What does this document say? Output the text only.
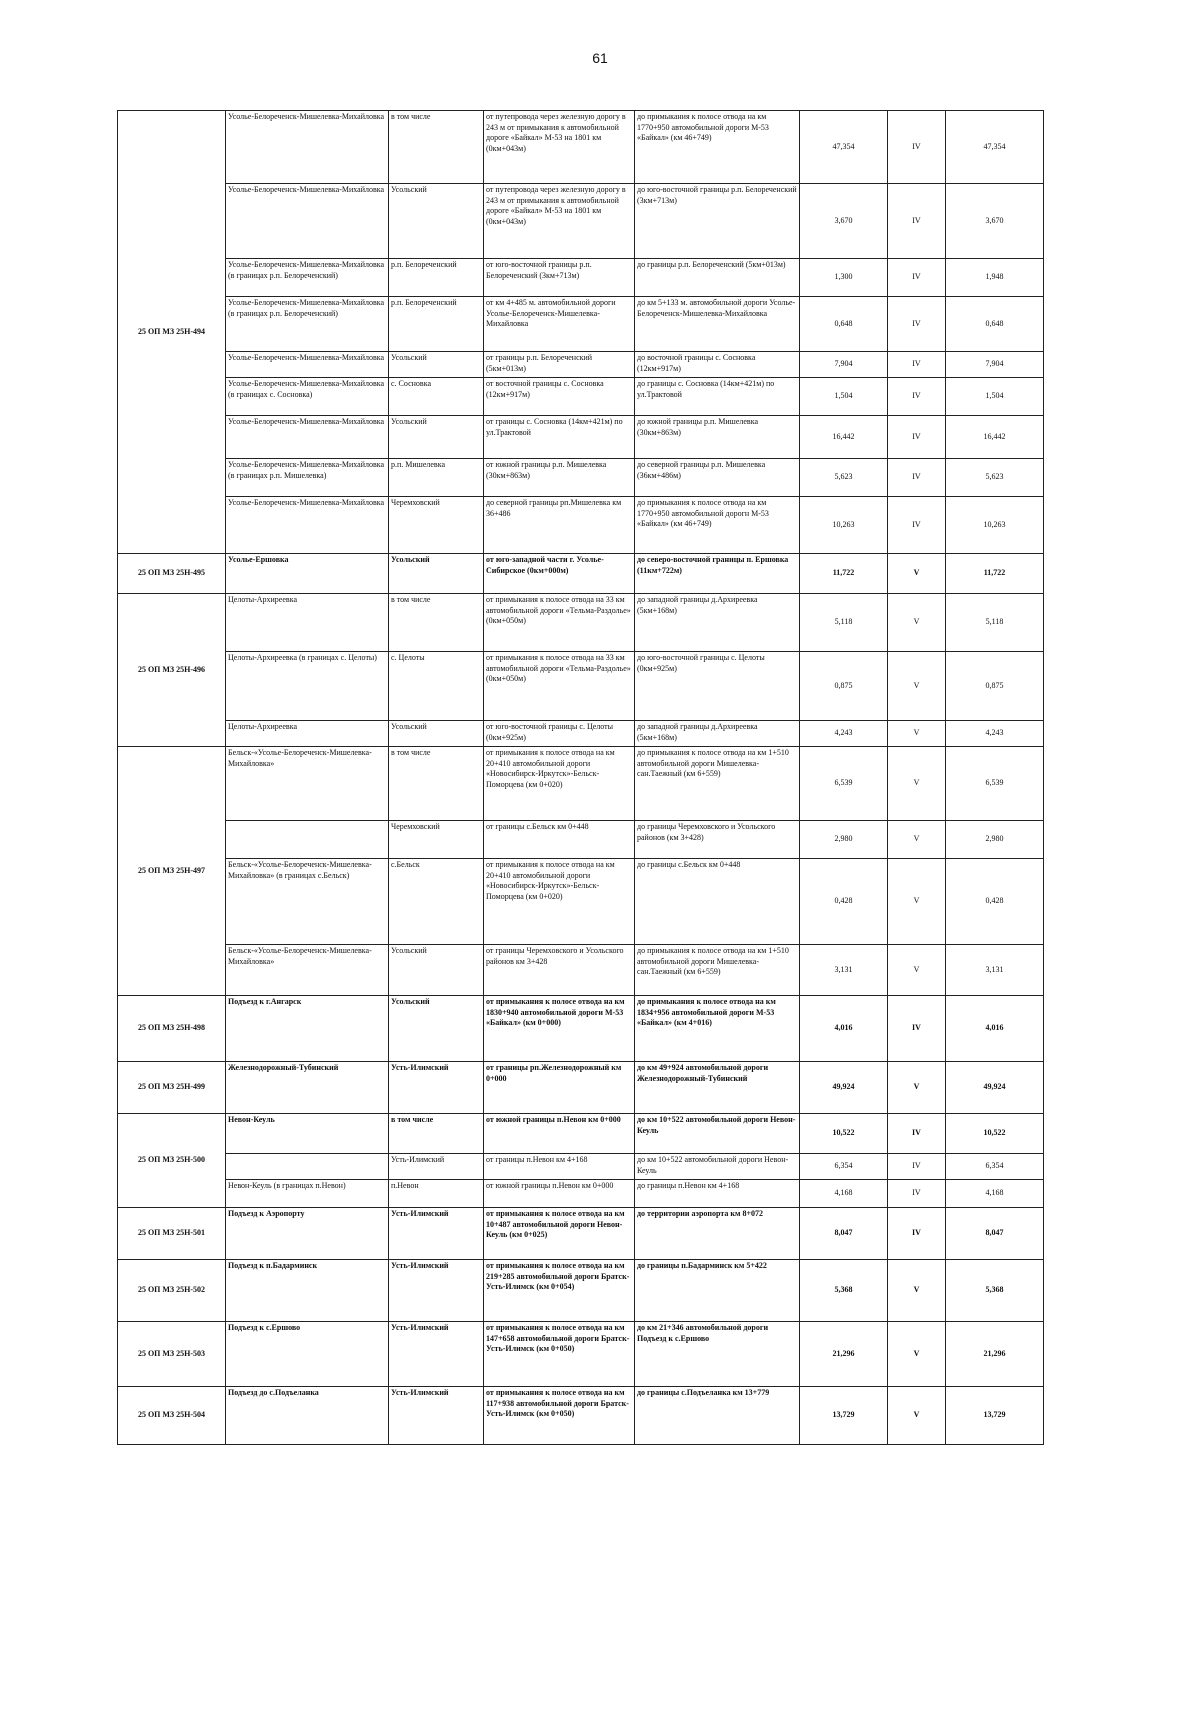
61
25 ОП МЗ 25Н-494	Усолье-Белореченск-Мишелевка-Михайловка	в том числе	от путепровода через железную дорогу в 243 м от примыкания к автомобильной дороге «Байкал» М-53 на 1801 км (0км+043м)	до примыкания к полосе отвода на км 1770+950 автомобильной дороги М-53 «Байкал» (км 46+749)	47,354	IV	47,354
	Усолье-Белореченск-Мишелевка-Михайловка	Усольский	от путепровода через железную дорогу в 243 м от примыкания к автомобильной дороге «Байкал» М-53 на 1801 км (0км+043м)	до юго-восточной границы р.п. Белореченский (3км+713м)	3,670	IV	3,670
	Усолье-Белореченск-Мишелевка-Михайловка (в границах р.п. Белореченский)	р.п. Белореченский	от юго-восточной границы р.п. Белореченский (3км+713м)	до границы р.п. Белореченский (5км+013м)	1,300	IV	1,948
	Усолье-Белореченск-Мишелевка-Михайловка (в границах р.п. Белореченский)	р.п. Белореченский	от км 4+485 м. автомобильной дороги Усолье-Белореченск-Мишелевка-Михайловка	до км 5+133 м. автомобильной дороги Усолье-Белореченск-Мишелевка-Михайловка	0,648	IV	0,648
	Усолье-Белореченск-Мишелевка-Михайловка	Усольский	от границы р.п. Белореченский (5км+013м)	до восточной границы с. Сосновка (12км+917м)	7,904	IV	7,904
	Усолье-Белореченск-Мишелевка-Михайловка (в границах с. Сосновка)	с. Сосновка	от восточной границы с. Сосновка (12км+917м)	до границы с. Сосновка (14км+421м) по ул.Трактовой	1,504	IV	1,504
	Усолье-Белореченск-Мишелевка-Михайловка	Усольский	от границы с. Сосновка (14км+421м) по ул.Трактовой	до южной границы р.п. Мишелевка (30км+863м)	16,442	IV	16,442
	Усолье-Белореченск-Мишелевка-Михайловка (в границах р.п. Мишелевка)	р.п. Мишелевка	от южной границы р.п. Мишелевка (30км+863м)	до северной границы р.п. Мишелевка (36км+486м)	5,623	IV	5,623
	Усолье-Белореченск-Мишелевка-Михайловка	Черемховский	до северной границы рп.Мишелевка км 36+486	до примыкания к полосе отвода на км 1770+950 автомобильной дорогн М-53 «Байкал» (км 46+749)	10,263	IV	10,263
25 ОП МЗ 25Н-495	Усолье-Ершовка	Усольский	от юго-западной части г. Усолье-Сибирское (0км+000м)	до северо-восточной границы п. Ершовка (11км+722м)	11,722	V	11,722
25 ОП МЗ 25Н-496	Целоты-Архиреевка	в том числе	от примыкания к полосе отвода на 33 км автомобильной дороги «Тельма-Раздолье» (0км+050м)	до западной границы д.Архиреевка (5км+168м)	5,118	V	5,118
	Целоты-Архиреевка (в границах с. Целоты)	с. Целоты	от примыкания к полосе отвода на 33 км автомобильной дороги «Тельма-Раздолье» (0км+050м)	до юго-восточной границы с. Целоты (0км+925м)	0,875	V	0,875
	Целоты-Архиреевка	Усольский	от юго-восточной границы с. Целоты (0км+925м)	до западной границы д.Архиреевка (5км+168м)	4,243	V	4,243
25 ОП МЗ 25Н-497	Бельск-«Усолье-Белореченск-Мишелевка-Михайловка»	в том числе	от примыкания к полосе отвода на км 20+410 автомобильной дороги «Новосибирск-Иркутск»-Бельск-Поморцева (км 0+020)	до примыкания к полосе отвода на км 1+510 автомобильной дороги Мишелевка-сан.Таежный (км 6+559)	6,539	V	6,539
		Черемховский	от границы с.Бельск км 0+448	до границы Черемховского и Усольского районов (км 3+428)	2,980	V	2,980
	Бельск-«Усолье-Белореченск-Мишелевка-Михайловка» (в границах с.Бельск)	с.Бельск	от примыкания к полосе отвода на км 20+410 автомобильной дороги «Новосибирск-Иркутск»-Бельск-Поморцева (км 0+020)	до границы с.Бельск км 0+448	0,428	V	0,428
	Бельск-«Усолье-Белореченск-Мишелевка-Михайловка»	Усольский	от границы Черемховского и Усольского районов км 3+428	до примыкания к полосе отвода на км 1+510 автомобильной дороги Мишелевка-сан.Таежный (км 6+559)	3,131	V	3,131
25 ОП МЗ 25Н-498	Подъезд к г.Ангарск	Усольский	от примыкания к полосе отвода на км 1830+940 автомобильной дороги М-53 «Байкал» (км 0+000)	до примыкания к полосе отвода на км 1834+956 автомобильной дороги М-53 «Байкал» (км 4+016)	4,016	IV	4,016
25 ОП МЗ 25Н-499	Железнодорожный-Тубинский	Усть-Илимский	от границы рп.Железнодорожный км 0+000	до км 49+924 автомобильной дороги Железнодорожный-Тубинский	49,924	V	49,924
25 ОП МЗ 25Н-500	Невон-Кеуль	в том числе	от южной границы п.Невон км 0+000	до км 10+522 автомобильной дороги Невон-Кеуль	10,522	IV	10,522
		Усть-Илимский	от границы п.Невон км 4+168	до км 10+522 автомобильной дороги Невон-Кеуль	6,354	IV	6,354
	Невон-Кеуль (в границах п.Невон)	п.Невон	от южной границы п.Невон км 0+000	до границы п.Невон км 4+168	4,168	IV	4,168
25 ОП МЗ 25Н-501	Подъезд к Аэропорту	Усть-Илимский	от примыкания к полосе отвода на км 10+487 автомобильной дороги Невон-Кеуль (км 0+025)	до территории аэропорта км 8+072	8,047	IV	8,047
25 ОП МЗ 25Н-502	Подъезд к п.Бадарминск	Усть-Илимский	от примыкания к полосе отвода на км 219+285 автомобильной дороги Братск-Усть-Илимск (км 0+054)	до границы п.Бадарминск км 5+422	5,368	V	5,368
25 ОП МЗ 25Н-503	Подъезд к с.Ершово	Усть-Илимский	от примыкания к полосе отвода на км 147+658 автомобильной дороги Братск-Усть-Илимск (км 0+050)	до км 21+346 автомобильной дороги Подъезд к с.Ершово	21,296	V	21,296
25 ОП МЗ 25Н-504	Подъезд до с.Подъеланка	Усть-Илимский	от примыкания к полосе отвода на км 117+938 автомобильной дороги Братск-Усть-Илимск (км 0+050)	до границы с.Подъеланка км 13+779	13,729	V	13,729
